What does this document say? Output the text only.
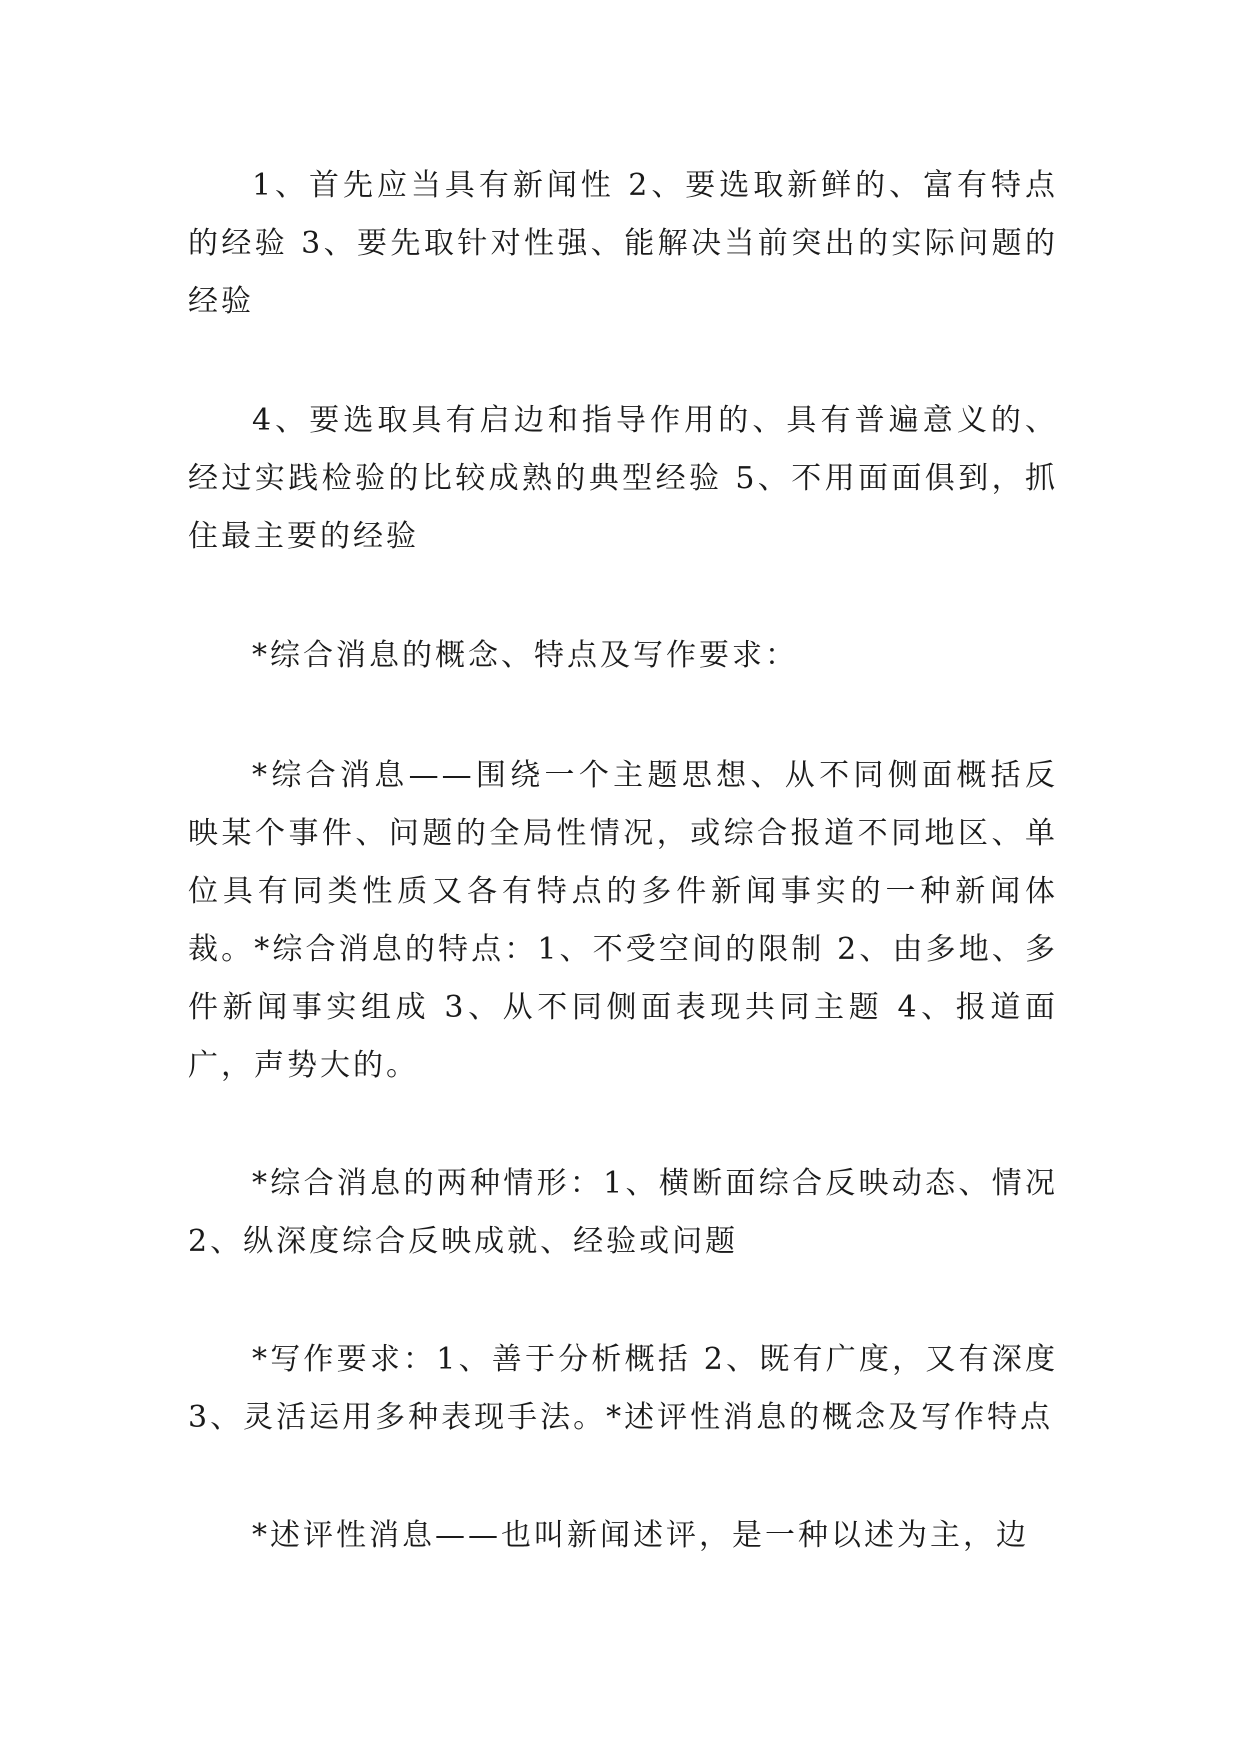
1、首先应当具有新闻性 2、要选取新鲜的、富有特点的经验 3、要先取针对性强、能解决当前突出的实际问题的经验

4、要选取具有启边和指导作用的、具有普遍意义的、经过实践检验的比较成熟的典型经验 5、不用面面俱到，抓住最主要的经验

*综合消息的概念、特点及写作要求：

*综合消息——围绕一个主题思想、从不同侧面概括反映某个事件、问题的全局性情况，或综合报道不同地区、单位具有同类性质又各有特点的多件新闻事实的一种新闻体裁。*综合消息的特点：1、不受空间的限制 2、由多地、多件新闻事实组成 3、从不同侧面表现共同主题 4、报道面广，声势大的。

*综合消息的两种情形：1、横断面综合反映动态、情况 2、纵深度综合反映成就、经验或问题

*写作要求：1、善于分析概括 2、既有广度，又有深度 3、灵活运用多种表现手法。*述评性消息的概念及写作特点

*述评性消息——也叫新闻述评，是一种以述为主，边
